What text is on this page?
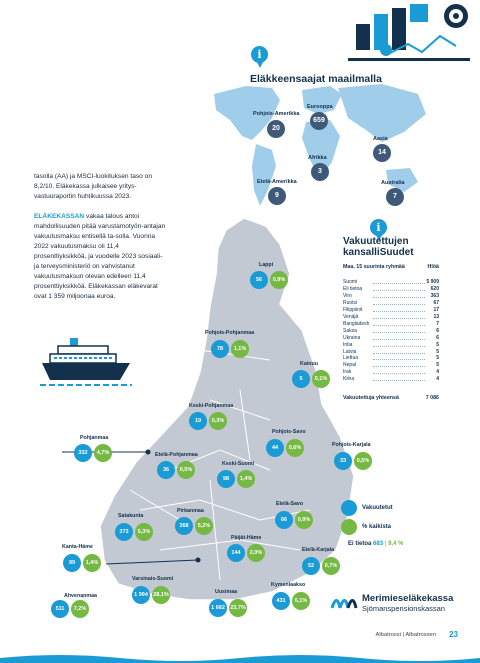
i
Eläkkeensaajat maailmalla
20
Pohjois-Amerikka
659
Eurooppa
3
Afrikka
14
Aasia
9
Etelä-Amerikka
7
Australia
tasolla (AA) ja MSCI-luokituksen taso on 8,2/10. Eläkekassa julkaisee yritys-vastuuraportin huhtikuussa 2023.
ELÄKEKASSAN vakaa talous antoi mahdollisuuden pitää varustamotyön-antajan vakuutusmaksu entisellä ta-solla. Vuonna 2022 vakuutusmaksu oli 11,4 prosenttiyksikköä, ja vuodelle 2023 sosiaali- ja terveysministeriö on vahvistanut vakuutusmaksun olevan edelleen 11,4 prosenttiyksikköä. Eläkekassan eläkevarat ovat 1 359 miljoonaa euroa.
i
Vakuutettujen
kansalliSuudet
Maa, 15 suurinta ryhmää	Hlöä
Suomi	5 909
Eli tietoa	620
Viro	363
Ruotsi	67
Filippiinit	17
Venäjä	13
Bangladesh	7
Saksa	6
Ukraina	6
Intia	5
Latvia	5
Liettua	5
Nepal	5
Irak	4
Kiina	4
Vakuutettuja yhteensä	7 086
Lappi
56	0,9%
Pohjois-Pohjanmaa
78	1,1%
Kainuu
5	0,1%
Keski-Pohjanmaa
19	0,3%
Pohjanmaa
332	4,7%
Pohjois-Savo
44	0,6%	Pohjois-Karjala
33	0,5%
Etelä-Pohjanmaa
36	0,5%
Keski-Suomi
98	1,4%
Satakunta
373	5,3%
Pirkanmaa
368	5,2%
Etelä-Savo
66	0,9%
Päijät-Häme
144	2,0%
Kanta-Häme
99	1,4%
Etelä-Karjala
52	0,7%
Varsinais-Suomi
1 994 28,1%
Ahvenanmaa
511	7,2%
Uusimaa
1 682 23,7%
Kymenlaakso
431	6,1%
Vakuutetut
% kaikista
Ei tietoa 683 | 9,4 %
Merimieseläkekassa
Sjömanspensionskassan
Albatrossi | Albatrossen 23
